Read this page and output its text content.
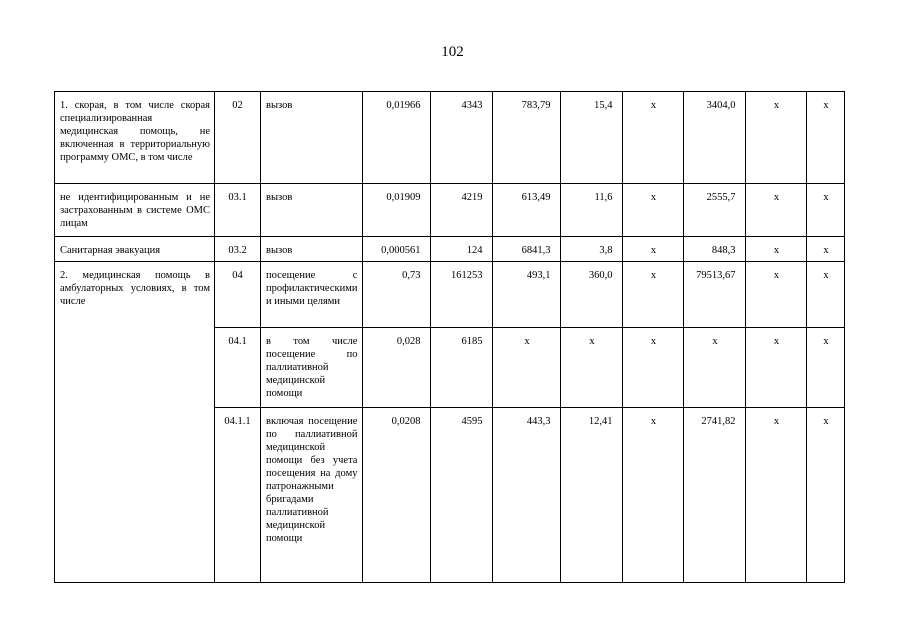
102
1. скорая, в том числе скорая специализированная медицинская помощь, не включенная в территориальную программу ОМС, в том числе	02	вызов	0,01966	4343	783,79	15,4	х	3404,0	х	х
не идентифицированным и не застрахованным в системе ОМС лицам	03.1	вызов	0,01909	4219	613,49	11,6	х	2555,7	х	х
Санитарная эвакуация	03.2	вызов	0,000561	124	6841,3	3,8	х	848,3	х	х
2. медицинская помощь в амбулаторных условиях, в том числе	04	посещение с профилактическими и иными целями	0,73	161253	493,1	360,0	х	79513,67	х	х
	04.1	в том числе посещение по паллиативной медицинской помощи	0,028	6185	х	х	х	х	х	х
	04.1.1	включая посещение по паллиативной медицинской помощи без учета посещения на дому патронажными бригадами паллиативной медицинской помощи	0,0208	4595	443,3	12,41	х	2741,82	х	х
